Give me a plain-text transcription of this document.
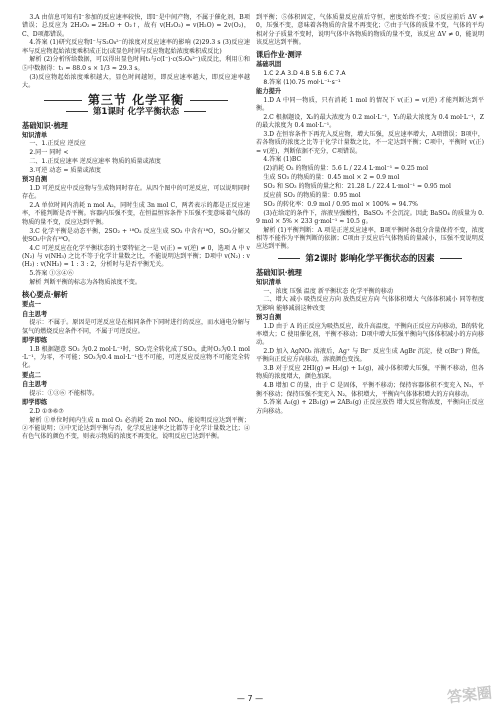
3.A 由信息可知有I⁻参加的反应速率较快，即I⁻是中间产物，不属于催化剂，B项错误；总反应为 2H₂O₂ ═ 2H₂O + O₂↑，故有 v(H₂O₂) = v(H₂O) = 2v(O₂)，C、D项都错误。

4.答案 (1)研究反应物I⁻与S₂O₈²⁻的浓度对反应速率的影响 (2)29.3 s (3)反应速率与反应物起始浓度乘积成正比(或显色时间与反应物起始浓度乘积成反比)

解析 (2)分析所给数据，可以得出显色时间t₁与c(I⁻)·c(S₂O₈²⁻)成反比，利用①和⑤中数据得：t₁ = 88.0 s × 1/3 ≈ 29.3 s。

(3)反应物起始浓度乘积越大，显色时间越短，即反应速率越大，即反应速率越大。

第三节 化学平衡
第1课时 化学平衡状态
基础知识·梳理
知识清单

一、1.正反应 逆反应

2.同一 同时 <

二、1.正反应速率 逆反应速率 物质的质量或浓度

3.可逆 动态 = 质量或浓度

预习自测

1.D 可逆反应中反应物与生成物同时存在。从四个图中的可逆反应，可以说明同时存在。

2.A 单位时间内消耗 n mol A₂，同时生成 3n mol C，两者表示的都是正反应速率，不能判断是否平衡。容器内压强不变，在恒温恒容条件下压强不变意味着气体的物质的量不变，反应达到平衡。

3.C 化学平衡是动态平衡，2SO₂ + ¹⁸O₂ 反应生成 SO₃ 中含有¹⁸O，SO₃分解又使SO₂中含有¹⁸O。

4.C 可逆反应在化学平衡状态的主要特征之一是 v(正) = v(逆) ≠ 0，选项 A 中 v(N₂) 与 v(NH₃) 之比不等于化学计量数之比，不能说明达到平衡；D项中 v(N₂) : v(H₂) : v(NH₃) = 1 : 3 : 2，分析时与是否平衡无关。

5.答案 ①③④⑥

解析 判断平衡的标志为各物质浓度不变。

核心要点·解析
要点一
自主思考

提示：不属于。原因是可逆反应是在相同条件下同时进行的反应，而水通电分解与氢气的燃烧反应条件不同，不属于可逆反应。

即学即练

1.B 根据题意 SO₂ 为0.2 mol·L⁻¹时，SO₂完全转化成了SO₃，此时O₂为0.1 mol·L⁻¹，为零，不可能；SO₃为0.4 mol·L⁻¹也不可能，可逆反应反应物不可能完全转化。

要点二
自主思考

提示：①③⑥ 不能相等。

即学即练

2.D ①③⑥⑦

解析 ①单位时间内生成 n mol O₂ 必消耗 2n mol NO₂，能说明反应达到平衡；②不能说明；③中无论达到平衡与否，化学反应速率之比都等于化学计量数之比；④有色气体的颜色不变，则表示物质的浓度不再变化，说明反应已达到平衡。

到平衡；⑤体积固定，气体质量反应前后守恒，密度始终不变；⑥反应前后 ΔV ≠ 0，压强不变，意味着各物质的含量不再变化；⑦由于气体的质量不变，气体的平均相对分子质量不变时，说明气体中各物质的物质的量不变，该反应 ΔV ≠ 0，能说明该反应达到平衡。

课后作业·测评
基础巩固

1.C 2.A 3.D 4.B 5.B 6.C 7.A

8.答案 (1)0.75 mol·L⁻¹·s⁻¹

能力提升

1.D A 中同一物质，只有消耗 1 mol 的情况下 v(正) = v(逆) 才能判断达到平衡。

2.C 根据题设，X₂的最大浓度为 0.2 mol·L⁻¹，Y₂的最大浓度为 0.4 mol·L⁻¹，Z的最大浓度为 0.4 mol·L⁻¹。

3.D 在恒容条件下再充入反应物，增大压强，反应速率增大，A项错误；B项中，若各物质的浓度之比等于化学计量数之比，不一定达到平衡；C项中，平衡时 v(正) = v(逆)，判断依据不充分，C项错误。

4.答案 (1)BC

(2)消耗 O₂ 的物质的量：5.6 L / 22.4 L·mol⁻¹ = 0.25 mol

生成 SO₃ 的物质的量：0.45 mol × 2 = 0.9 mol

SO₂ 和 SO₃ 的物质的量之和：21.28 L / 22.4 L·mol⁻¹ = 0.95 mol

反应前 SO₂ 的物质的量：0.95 mol

SO₂ 的转化率：0.9 mol / 0.95 mol × 100% ≈ 94.7%

(3)在给定的条件下，溶液呈强酸性，BaSO₃ 不会沉淀。因此 BaSO₄ 的质量为 0.9 mol × 5% × 233 g·mol⁻¹ ≈ 10.5 g。

解析 (1)平衡判断：A 项是正逆反应速率，B项平衡时各组分含量保持不变，浓度相等不能作为平衡判断的依据；C项由于反应后气体物质的量减小，压强不变说明反应达到平衡。

第2课时 影响化学平衡状态的因素
基础知识·梳理
知识清单

一、浓度 压强 温度 新平衡状态 化学平衡的移动

二、增大 减小 吸热反应方向 放热反应方向 气体体积增大 气体体积减小 同等程度 无影响 能够减弱这种改变

预习自测

1.D 由于 A 的正反应为吸热反应，故升高温度，平衡向正反应方向移动，B的转化率增大；C 使用催化剂，平衡不移动；D项中增大压强平衡向气体体积减小的方向移动。

2.D 加入 AgNO₃ 溶液后，Ag⁺ 与 Br⁻ 反应生成 AgBr 沉淀，使 c(Br⁻) 降低，平衡向正反应方向移动，溶液颜色变浅。

3.B 对于反应 2HI(g) ⇌ H₂(g) + I₂(g)，减小体积增大压强，平衡不移动，但各物质的浓度增大，颜色加深。

4.B 增加 C 的量，由于 C 是固体，平衡不移动；保持容器体积不变充入 N₂，平衡不移动；保持压强不变充入 N₂，体积增大，平衡向气体体积增大的方向移动。

5.答案 A₂(g) + 2B₂(g) ⇌ 2AB₂(g) 正反应放热 增大反应物浓度，平衡向正反应方向移动。

— 7 —	答案圈
